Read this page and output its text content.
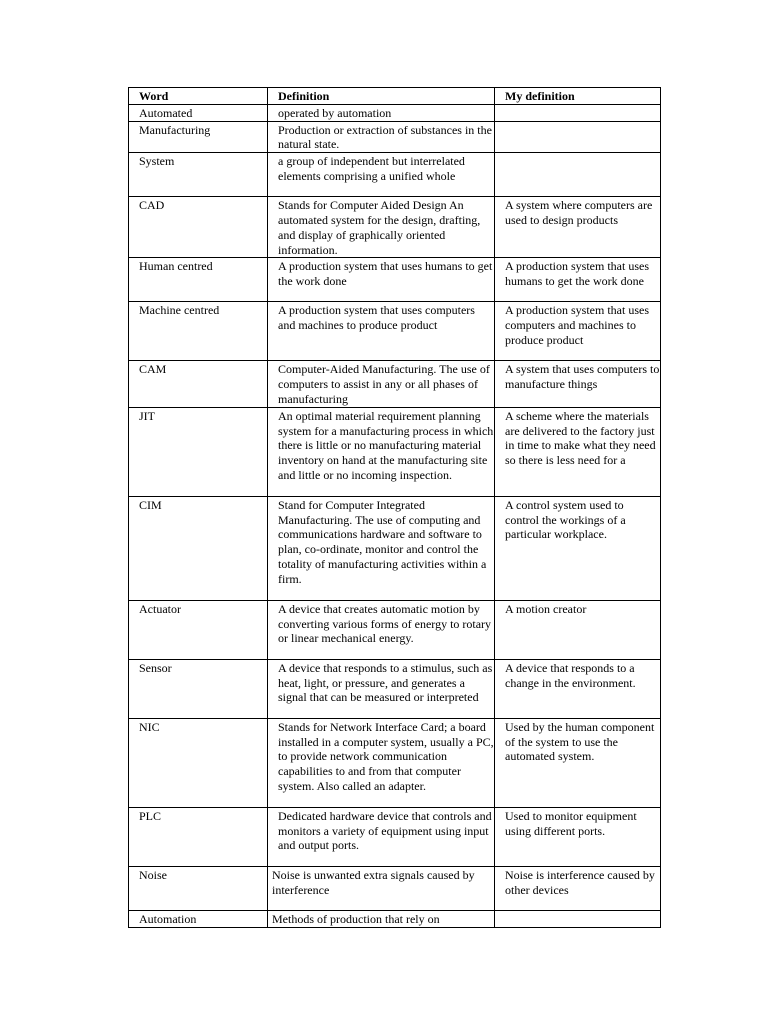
Word	Definition	My definition
Automated	operated by automation	
Manufacturing	Production or extraction of substances in the natural state.	
System	a group of independent but interrelated elements comprising a unified whole	
CAD	Stands for Computer Aided Design An automated system for the design, drafting, and display of graphically oriented information.	A system where computers are used to design products
Human centred	A production system that uses humans to get the work done	A production system that uses humans to get the work done
Machine centred	A production system that uses computers and machines to produce product	A production system that uses computers and machines to produce product
CAM	Computer-Aided Manufacturing. The use of computers to assist in any or all phases of manufacturing	A system that uses computers to manufacture things
JIT	An optimal material requirement planning system for a manufacturing process in which there is little or no manufacturing material inventory on hand at the manufacturing site and little or no incoming inspection.	A scheme where the materials are delivered to the factory just in time to make what they need so there is less need for a
CIM	Stand for Computer Integrated Manufacturing. The use of computing and communications hardware and software to plan, co-ordinate, monitor and control the totality of manufacturing activities within a firm.	A control system used to control the workings of a particular workplace.
Actuator	A device that creates automatic motion by converting various forms of energy to rotary or linear mechanical energy.	A motion creator
Sensor	A device that responds to a stimulus, such as heat, light, or pressure, and generates a signal that can be measured or interpreted	A device that responds to a change in the environment.
NIC	Stands for Network Interface Card; a board installed in a computer system, usually a PC, to provide network communication capabilities to and from that computer system. Also called an adapter.	Used by the human component of the system to use the automated system.
PLC	Dedicated hardware device that controls and monitors a variety of equipment using input and output ports.	Used to monitor equipment using different ports.
Noise	Noise is unwanted extra signals caused by interference	Noise is interference caused by other devices
Automation	Methods of production that rely on	
